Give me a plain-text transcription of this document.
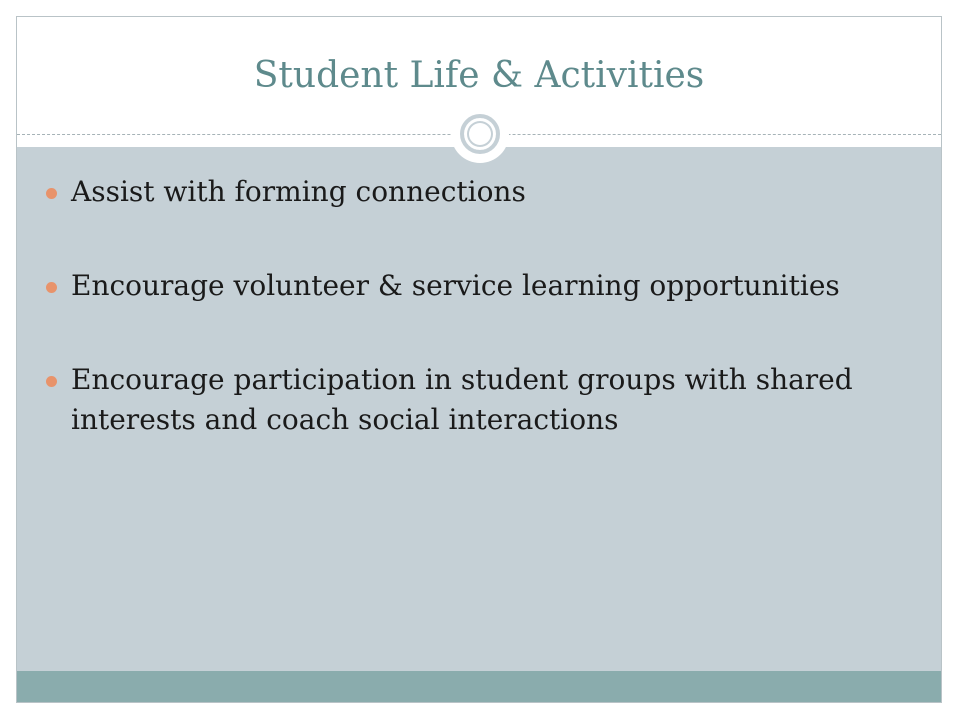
Student Life & Activities
Assist with forming connections
Encourage volunteer & service learning opportunities
Encourage participation in student groups with shared interests and coach social interactions
